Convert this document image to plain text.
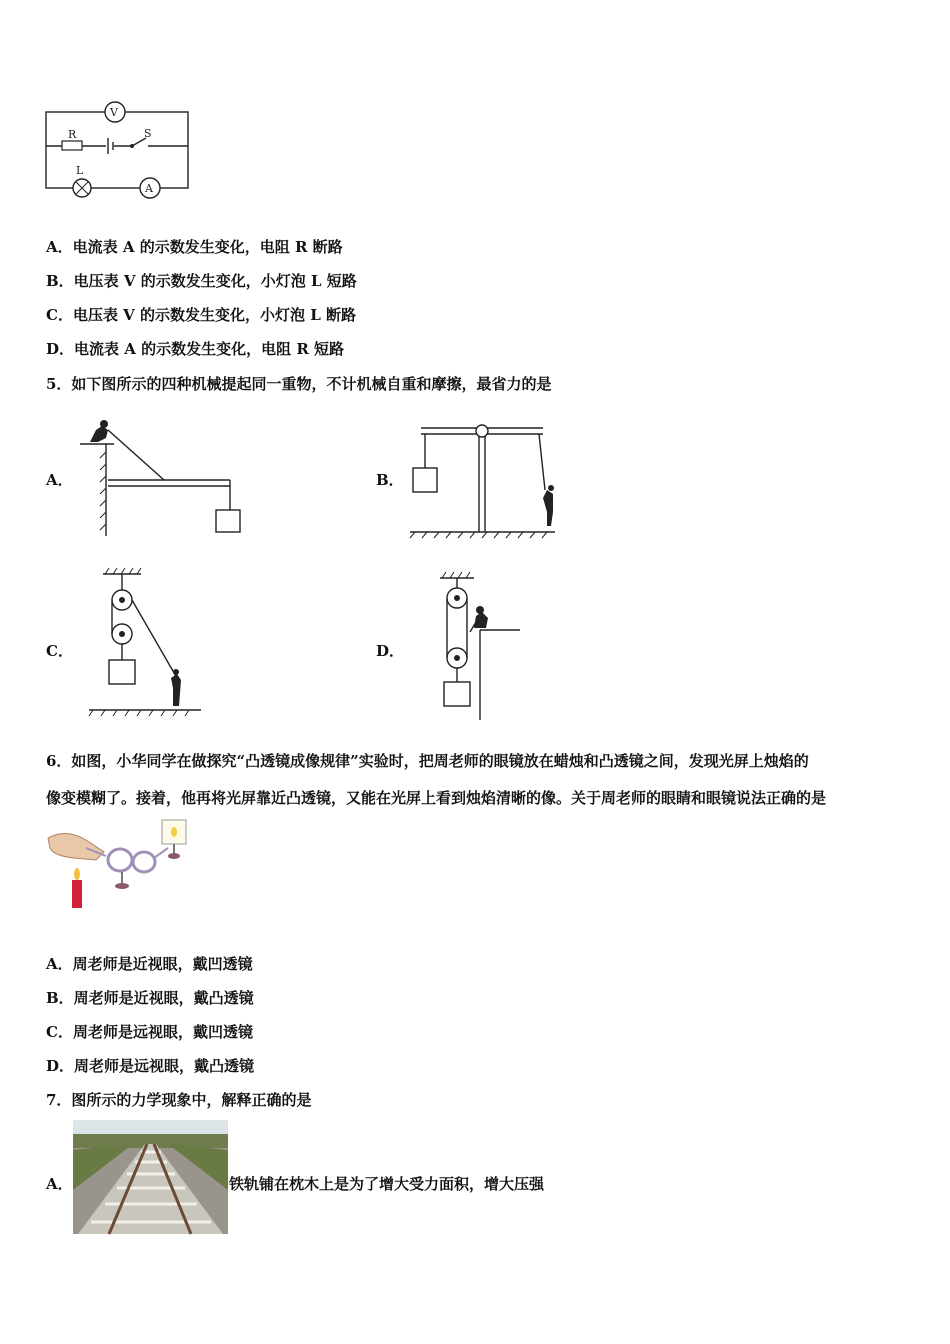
V
R	S
L
A
A．电流表 A 的示数发生变化，电阻 R 断路
B．电压表 V 的示数发生变化，小灯泡 L 短路
C．电压表 V 的示数发生变化，小灯泡 L 断路
D．电流表 A 的示数发生变化，电阻 R 短路
5．如下图所示的四种机械提起同一重物，不计机械自重和摩擦，最省力的是
A．	B．
C．	D．
6．如图，小华同学在做探究“凸透镜成像规律”实验时，把周老师的眼镜放在蜡烛和凸透镜之间，发现光屏上烛焰的
像变模糊了。接着，他再将光屏靠近凸透镜，又能在光屏上看到烛焰清晰的像。关于周老师的眼睛和眼镜说法正确的是
A．周老师是近视眼，戴凹透镜
B．周老师是近视眼，戴凸透镜
C．周老师是远视眼，戴凹透镜
D．周老师是远视眼，戴凸透镜
7．图所示的力学现象中，解释正确的是
A．	铁轨铺在枕木上是为了增大受力面积，增大压强
